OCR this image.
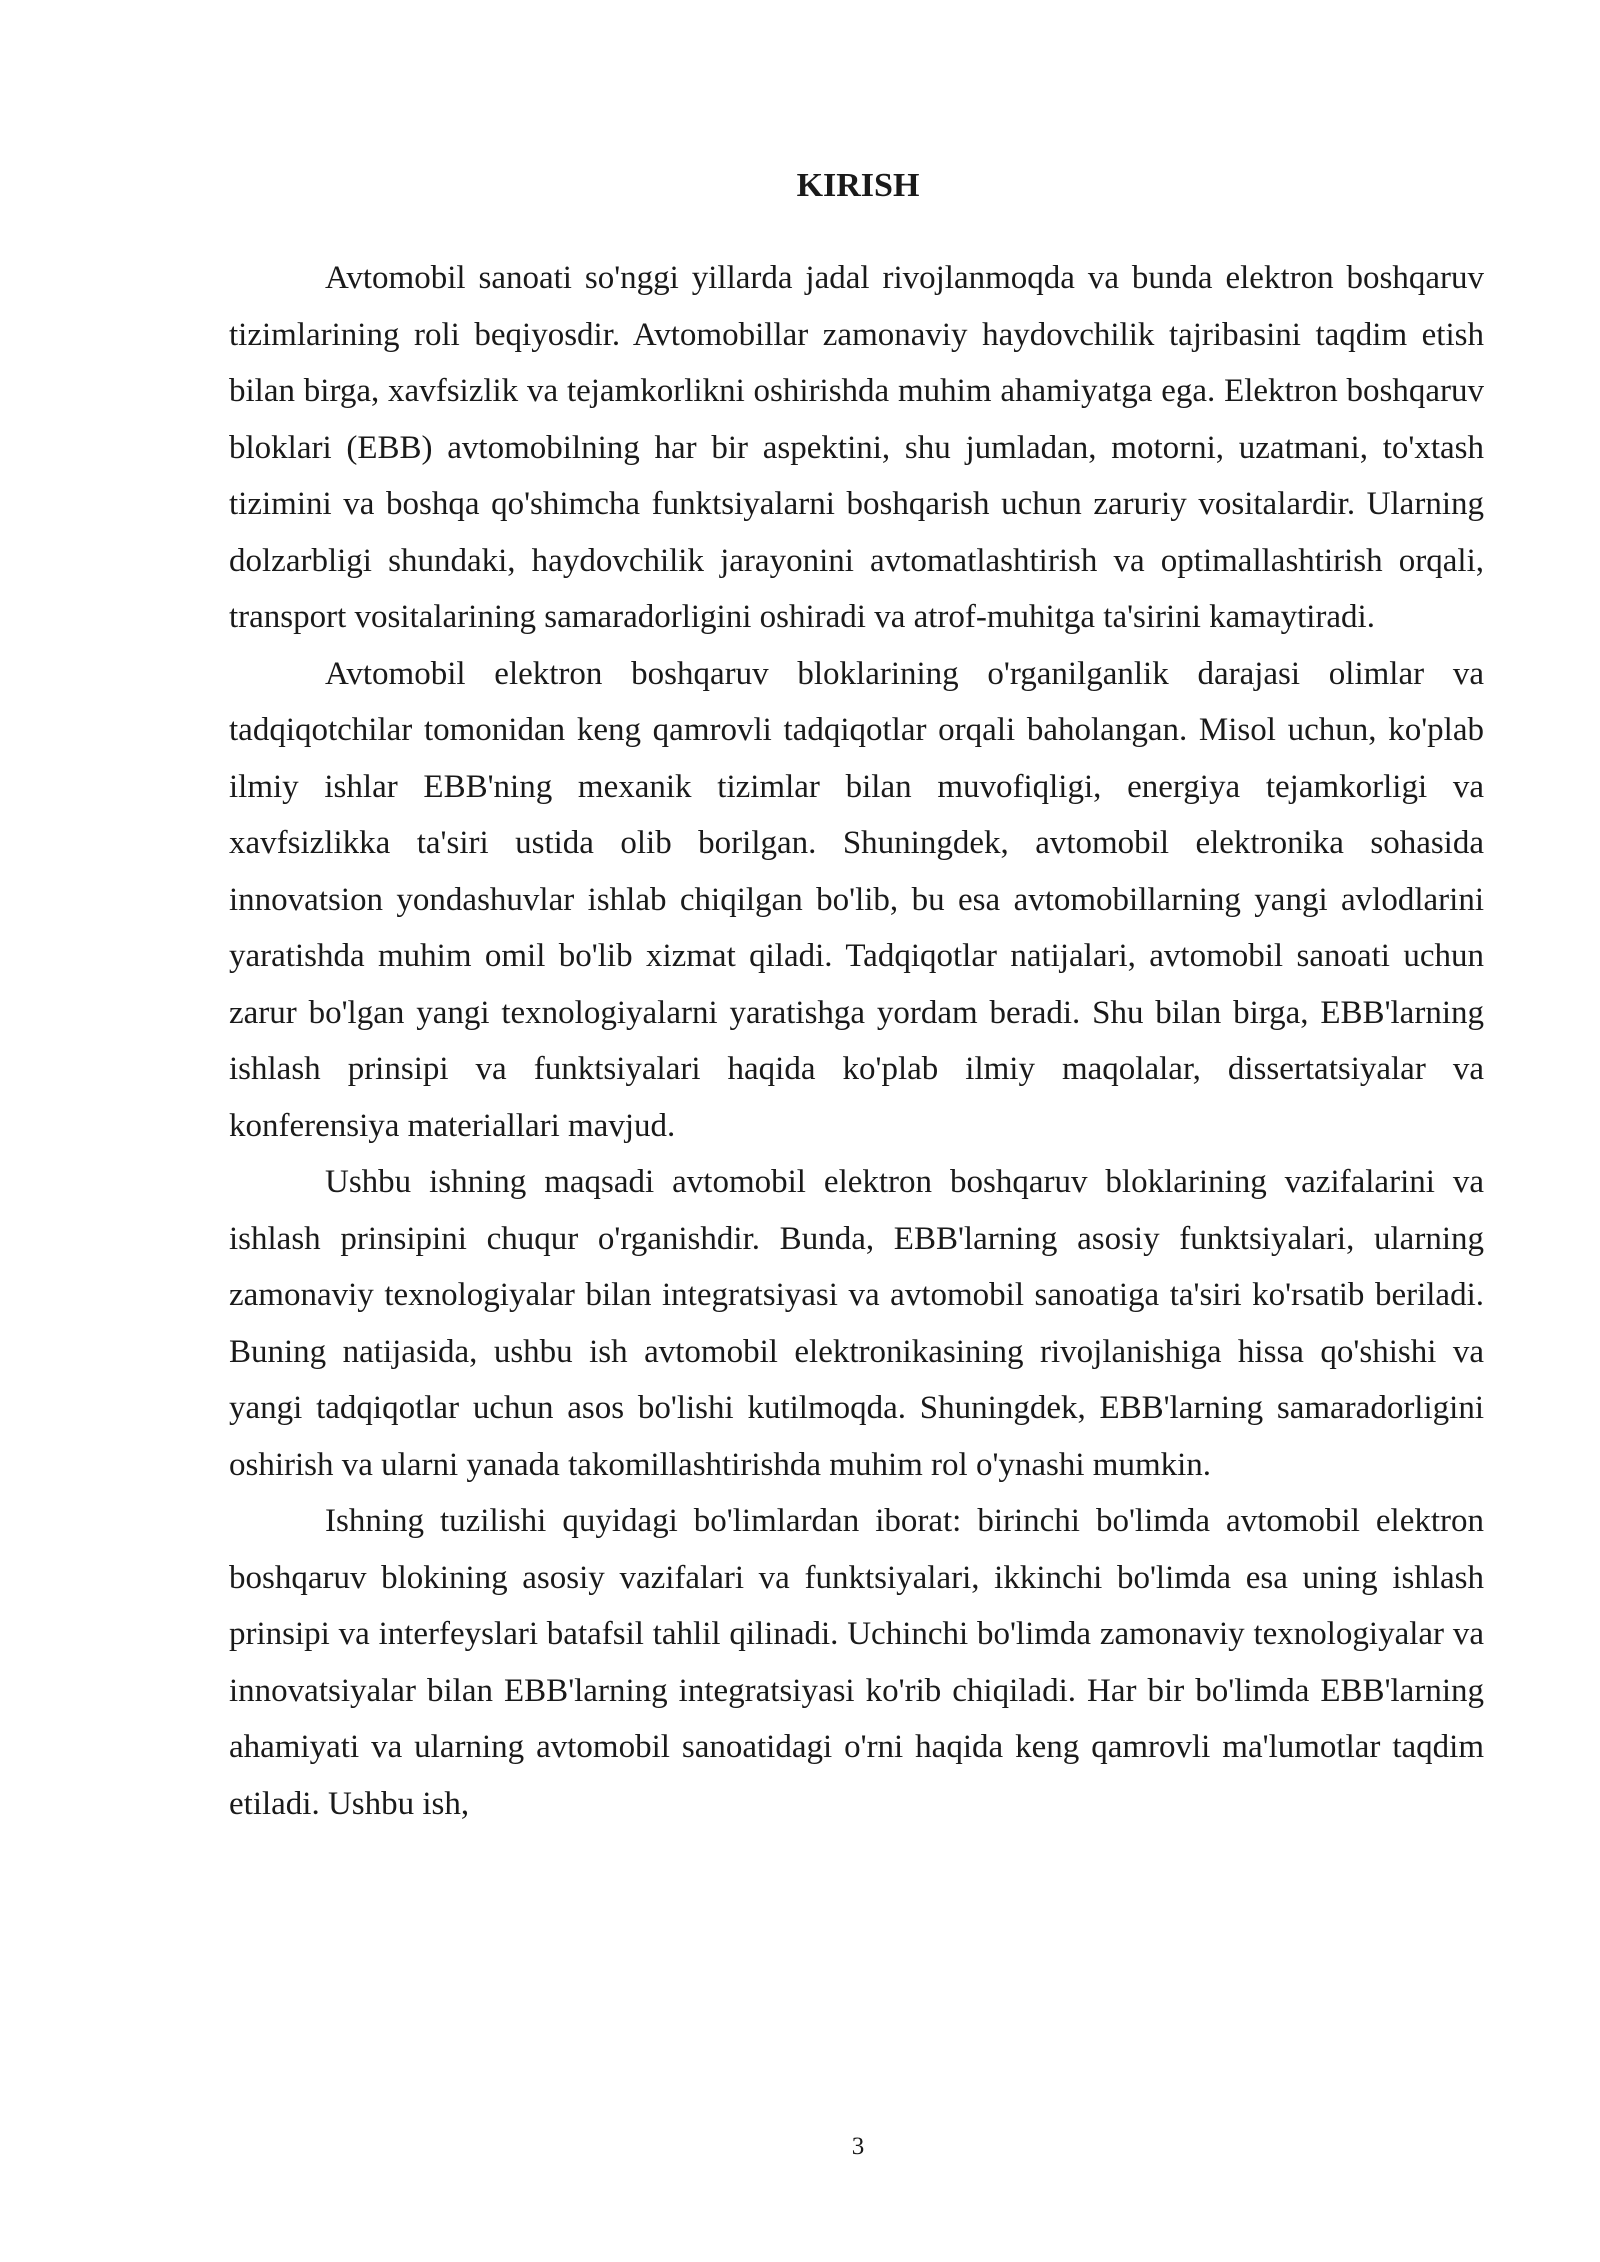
KIRISH

Avtomobil sanoati so'nggi yillarda jadal rivojlanmoqda va bunda elektron boshqaruv tizimlarining roli beqiyosdir. Avtomobillar zamonaviy haydovchilik tajribasini taqdim etish bilan birga, xavfsizlik va tejamkorlikni oshirishda muhim ahamiyatga ega. Elektron boshqaruv bloklari (EBB) avtomobilning har bir aspektini, shu jumladan, motorni, uzatmani, to'xtash tizimini va boshqa qo'shimcha funktsiyalarni boshqarish uchun zaruriy vositalardir. Ularning dolzarbligi shundaki, haydovchilik jarayonini avtomatlashtirish va optimallashtirish orqali, transport vositalarining samaradorligini oshiradi va atrof-muhitga ta'sirini kamaytiradi.

Avtomobil elektron boshqaruv bloklarining o'rganilganlik darajasi olimlar va tadqiqotchilar tomonidan keng qamrovli tadqiqotlar orqali baholangan. Misol uchun, ko'plab ilmiy ishlar EBB'ning mexanik tizimlar bilan muvofiqligi, energiya tejamkorligi va xavfsizlikka ta'siri ustida olib borilgan. Shuningdek, avtomobil elektronika sohasida innovatsion yondashuvlar ishlab chiqilgan bo'lib, bu esa avtomobillarning yangi avlodlarini yaratishda muhim omil bo'lib xizmat qiladi. Tadqiqotlar natijalari, avtomobil sanoati uchun zarur bo'lgan yangi texnologiyalarni yaratishga yordam beradi. Shu bilan birga, EBB'larning ishlash prinsipi va funktsiyalari haqida ko'plab ilmiy maqolalar, dissertatsiyalar va konferensiya materiallari mavjud.

Ushbu ishning maqsadi avtomobil elektron boshqaruv bloklarining vazifalarini va ishlash prinsipini chuqur o'rganishdir. Bunda, EBB'larning asosiy funktsiyalari, ularning zamonaviy texnologiyalar bilan integratsiyasi va avtomobil sanoatiga ta'siri ko'rsatib beriladi. Buning natijasida, ushbu ish avtomobil elektronikasining rivojlanishiga hissa qo'shishi va yangi tadqiqotlar uchun asos bo'lishi kutilmoqda. Shuningdek, EBB'larning samaradorligini oshirish va ularni yanada takomillashtirishda muhim rol o'ynashi mumkin.

Ishning tuzilishi quyidagi bo'limlardan iborat: birinchi bo'limda avtomobil elektron boshqaruv blokining asosiy vazifalari va funktsiyalari, ikkinchi bo'limda esa uning ishlash prinsipi va interfeyslari batafsil tahlil qilinadi. Uchinchi bo'limda zamonaviy texnologiyalar va innovatsiyalar bilan EBB'larning integratsiyasi ko'rib chiqiladi. Har bir bo'limda EBB'larning ahamiyati va ularning avtomobil sanoatidagi o'rni haqida keng qamrovli ma'lumotlar taqdim etiladi. Ushbu ish,

3
